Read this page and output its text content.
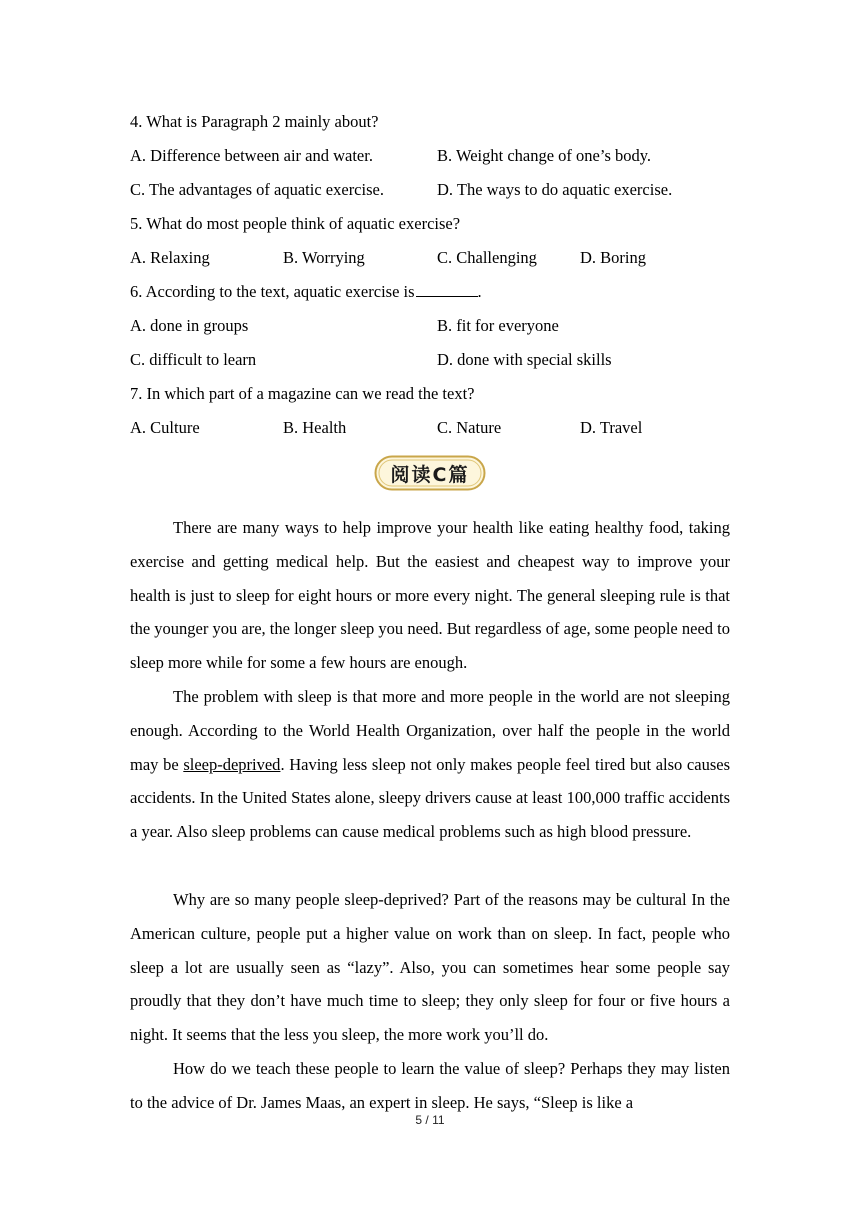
4. What is Paragraph 2 mainly about?
A. Difference between air and water.	B. Weight change of one’s body.
C. The advantages of aquatic exercise.	D. The ways to do aquatic exercise.
5. What do most people think of aquatic exercise?
A. Relaxing	B. Worrying	C. Challenging	D. Boring
6. According to the text, aquatic exercise is	.
A. done in groups	B. fit for everyone
C. difficult to learn	D. done with special skills
7. In which part of a magazine can we read the text?
A. Culture	B. Health	C. Nature	D. Travel
阅读C篇
There are many ways to help improve your health like eating healthy food, taking exercise and getting medical help. But the easiest and cheapest way to improve your health is just to sleep for eight hours or more every night. The general sleeping rule is that the younger you are, the longer sleep you need. But regardless of age, some people need to sleep more while for some a few hours are enough.
The problem with sleep is that more and more people in the world are not sleeping enough. According to the World Health Organization, over half the people in the world may be sleep-deprived. Having less sleep not only makes people feel tired but also causes accidents. In the United States alone, sleepy drivers cause at least 100,000 traffic accidents a year. Also sleep problems can cause medical problems such as high blood pressure.
Why are so many people sleep-deprived? Part of the reasons may be cultural In the American culture, people put a higher value on work than on sleep. In fact, people who sleep a lot are usually seen as “lazy”. Also, you can sometimes hear some people say proudly that they don’t have much time to sleep; they only sleep for four or five hours a night. It seems that the less you sleep, the more work you’ll do.
How do we teach these people to learn the value of sleep? Perhaps they may listen to the advice of Dr. James Maas, an expert in sleep. He says, “Sleep is like a
5 / 11
